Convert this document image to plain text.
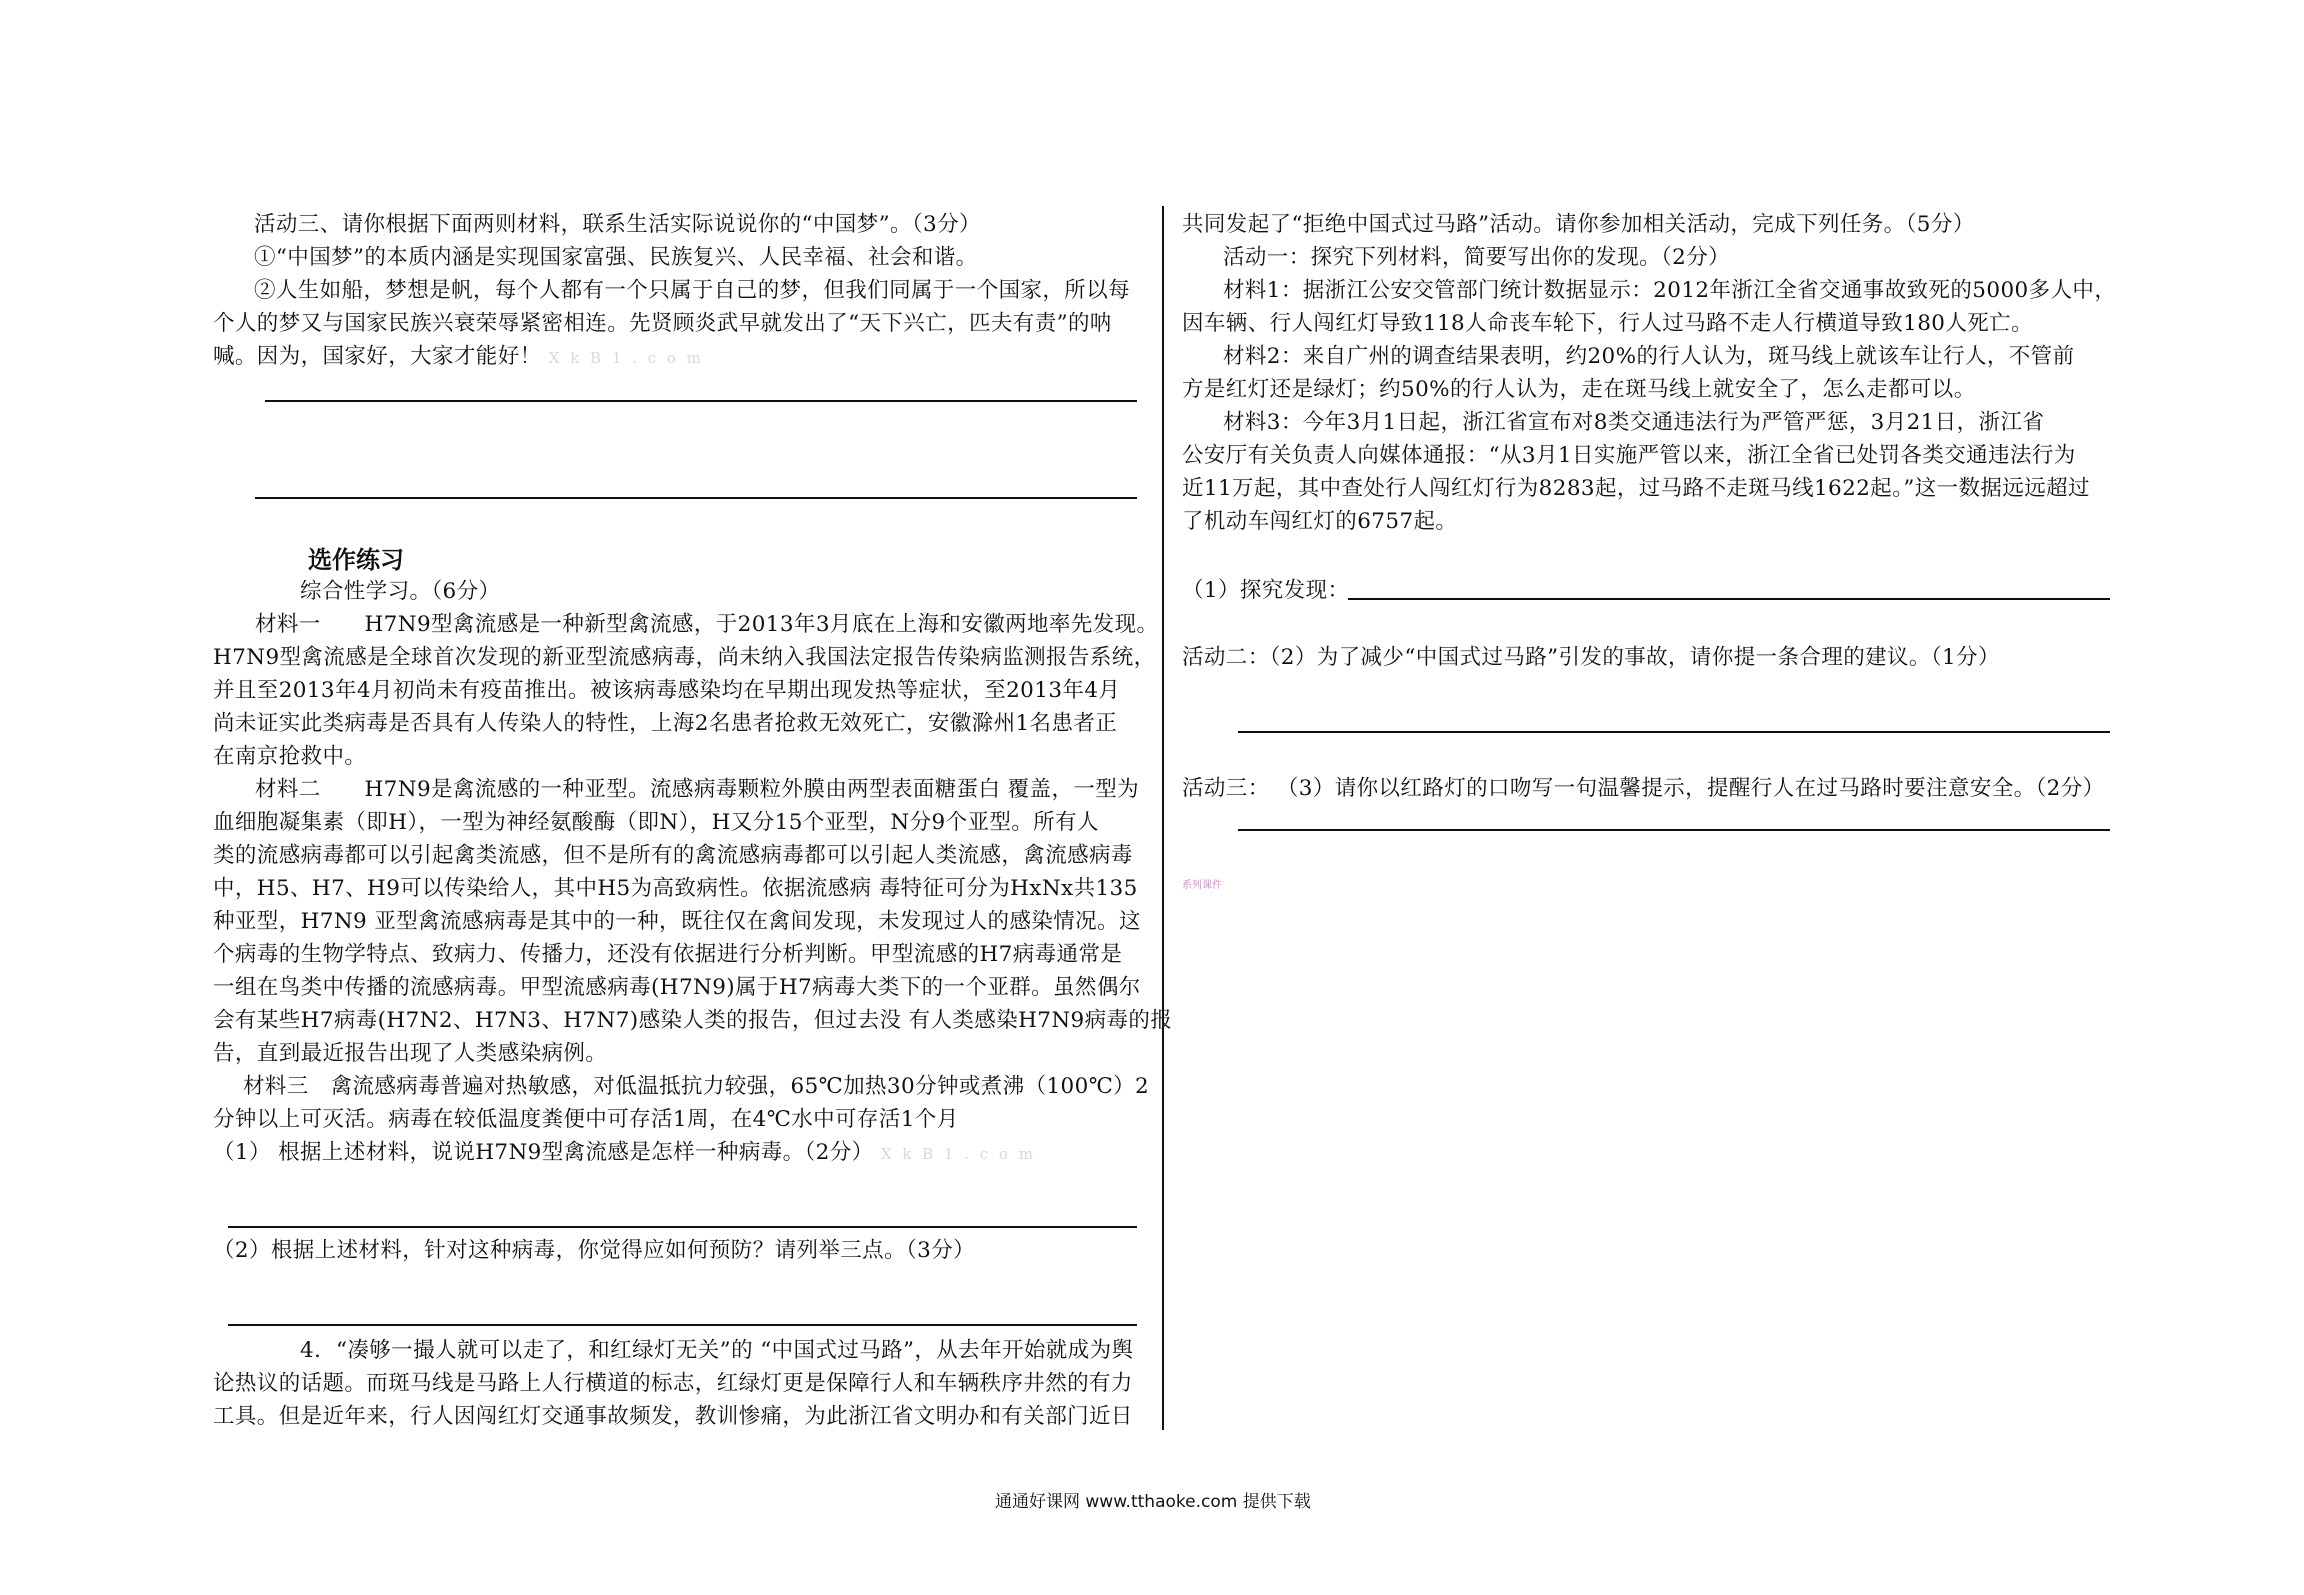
活动三、请你根据下面两则材料，联系生活实际说说你的“中国梦”。（3分）
①“中国梦”的本质内涵是实现国家富强、民族复兴、人民幸福、社会和谐。
②人生如船，梦想是帆，每个人都有一个只属于自己的梦，但我们同属于一个国家，所以每
个人的梦又与国家民族兴衰荣辱紧密相连。先贤顾炎武早就发出了“天下兴亡，匹夫有责”的呐
喊。因为，国家好，大家才能好！ X k B 1 . c o m
选作练习
综合性学习。（6分）
材料一　　H7N9型禽流感是一种新型禽流感，于2013年3月底在上海和安徽两地率先发现。
H7N9型禽流感是全球首次发现的新亚型流感病毒，尚未纳入我国法定报告传染病监测报告系统，
并且至2013年4月初尚未有疫苗推出。被该病毒感染均在早期出现发热等症状，至2013年4月
尚未证实此类病毒是否具有人传染人的特性，上海2名患者抢救无效死亡，安徽滁州1名患者正
在南京抢救中。
材料二　　H7N9是禽流感的一种亚型。流感病毒颗粒外膜由两型表面糖蛋白 覆盖，一型为
血细胞凝集素（即H），一型为神经氨酸酶（即N），H又分15个亚型，N分9个亚型。所有人
类的流感病毒都可以引起禽类流感，但不是所有的禽流感病毒都可以引起人类流感，禽流感病毒
中，H5、H7、H9可以传染给人，其中H5为高致病性。依据流感病 毒特征可分为HxNx共135
种亚型，H7N9 亚型禽流感病毒是其中的一种，既往仅在禽间发现，未发现过人的感染情况。这
个病毒的生物学特点、致病力、传播力，还没有依据进行分析判断。甲型流感的H7病毒通常是
一组在鸟类中传播的流感病毒。甲型流感病毒(H7N9)属于H7病毒大类下的一个亚群。虽然偶尔
会有某些H7病毒(H7N2、H7N3、H7N7)感染人类的报告，但过去没 有人类感染H7N9病毒的报
告，直到最近报告出现了人类感染病例。
材料三　禽流感病毒普遍对热敏感，对低温抵抗力较强，65℃加热30分钟或煮沸（100℃）2
分钟以上可灭活。病毒在较低温度粪便中可存活1周，在4℃水中可存活1个月
（1） 根据上述材料，说说H7N9型禽流感是怎样一种病毒。（2分） X k B 1 . c o m
（2）根据上述材料，针对这种病毒，你觉得应如何预防？请列举三点。（3分）
4．“凑够一撮人就可以走了，和红绿灯无关”的 “中国式过马路”，从去年开始就成为舆
论热议的话题。而斑马线是马路上人行横道的标志，红绿灯更是保障行人和车辆秩序井然的有力
工具。但是近年来，行人因闯红灯交通事故频发，教训惨痛，为此浙江省文明办和有关部门近日
共同发起了“拒绝中国式过马路”活动。请你参加相关活动，完成下列任务。（5分）
活动一：探究下列材料，简要写出你的发现。（2分）
材料1：据浙江公安交管部门统计数据显示：2012年浙江全省交通事故致死的5000多人中，
因车辆、行人闯红灯导致118人命丧车轮下，行人过马路不走人行横道导致180人死亡。
材料2：来自广州的调查结果表明，约20%的行人认为，斑马线上就该车让行人，不管前
方是红灯还是绿灯；约50%的行人认为，走在斑马线上就安全了，怎么走都可以。
材料3：今年3月1日起，浙江省宣布对8类交通违法行为严管严惩，3月21日，浙江省
公安厅有关负责人向媒体通报：“从3月1日实施严管以来，浙江全省已处罚各类交通违法行为
近11万起，其中查处行人闯红灯行为8283起，过马路不走斑马线1622起。”这一数据远远超过
了机动车闯红灯的6757起。
（1）探究发现：
活动二：（2）为了减少“中国式过马路”引发的事故，请你提一条合理的建议。（1分）
活动三： （3）请你以红路灯的口吻写一句温馨提示，提醒行人在过马路时要注意安全。（2分）
系列课件
通通好课网 www.tthaoke.com 提供下载
